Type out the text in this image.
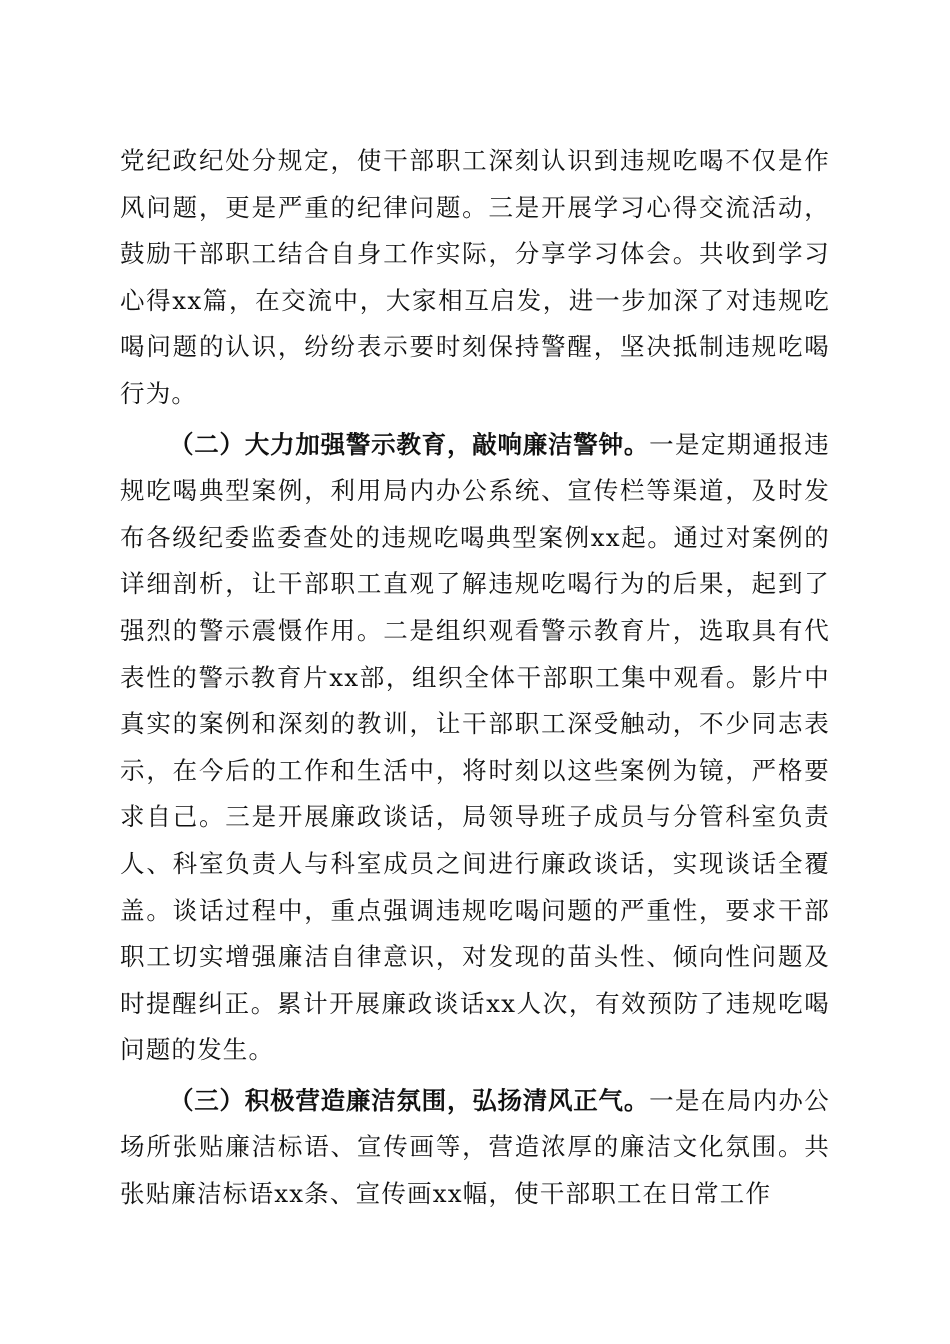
党纪政纪处分规定，使干部职工深刻认识到违规吃喝不仅是作风问题，更是严重的纪律问题。三是开展学习心得交流活动，鼓励干部职工结合自身工作实际，分享学习体会。共收到学习心得xx篇，在交流中，大家相互启发，进一步加深了对违规吃喝问题的认识，纷纷表示要时刻保持警醒，坚决抵制违规吃喝行为。

（二）大力加强警示教育，敲响廉洁警钟。一是定期通报违规吃喝典型案例，利用局内办公系统、宣传栏等渠道，及时发布各级纪委监委查处的违规吃喝典型案例xx起。通过对案例的详细剖析，让干部职工直观了解违规吃喝行为的后果，起到了强烈的警示震慑作用。二是组织观看警示教育片，选取具有代表性的警示教育片xx部，组织全体干部职工集中观看。影片中真实的案例和深刻的教训，让干部职工深受触动，不少同志表示，在今后的工作和生活中，将时刻以这些案例为镜，严格要求自己。三是开展廉政谈话，局领导班子成员与分管科室负责人、科室负责人与科室成员之间进行廉政谈话，实现谈话全覆盖。谈话过程中，重点强调违规吃喝问题的严重性，要求干部职工切实增强廉洁自律意识，对发现的苗头性、倾向性问题及时提醒纠正。累计开展廉政谈话xx人次，有效预防了违规吃喝问题的发生。

（三）积极营造廉洁氛围，弘扬清风正气。一是在局内办公场所张贴廉洁标语、宣传画等，营造浓厚的廉洁文化氛围。共张贴廉洁标语xx条、宣传画xx幅，使干部职工在日常工作
